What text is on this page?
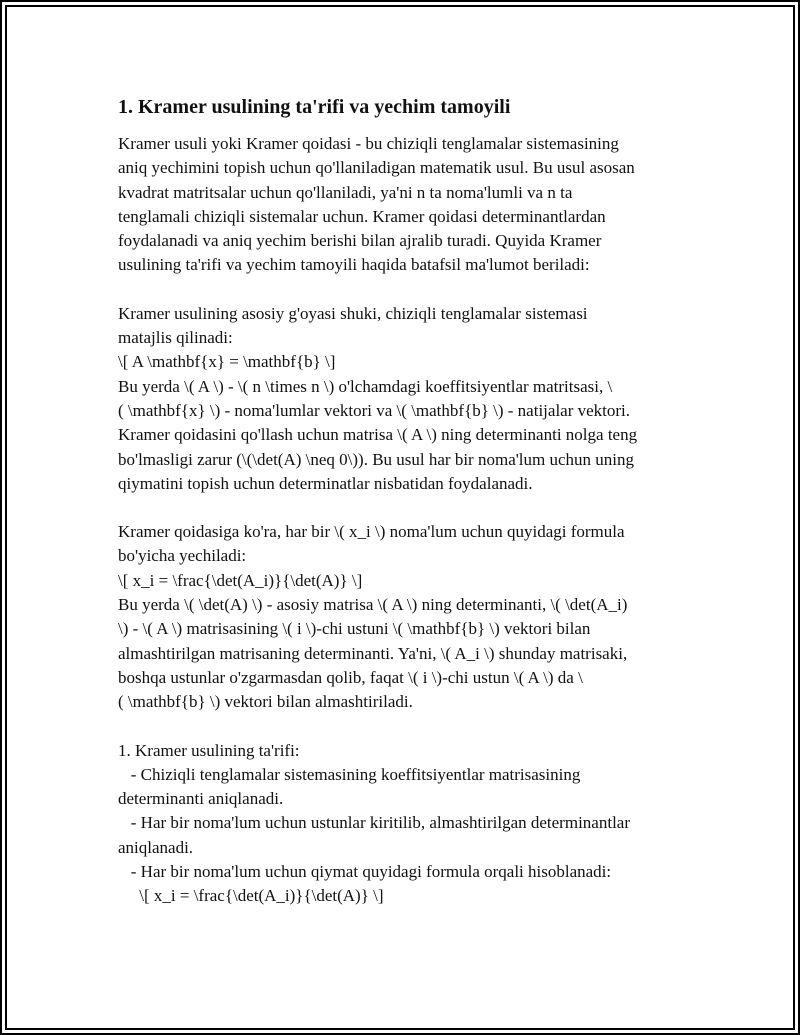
1. Kramer usulining ta'rifi va yechim tamoyili
Kramer usuli yoki Kramer qoidasi - bu chiziqli tenglamalar sistemasining
aniq yechimini topish uchun qo'llaniladigan matematik usul. Bu usul asosan
kvadrat matritsalar uchun qo'llaniladi, ya'ni n ta noma'lumli va n ta
tenglamali chiziqli sistemalar uchun. Kramer qoidasi determinantlardan
foydalanadi va aniq yechim berishi bilan ajralib turadi. Quyida Kramer
usulining ta'rifi va yechim tamoyili haqida batafsil ma'lumot beriladi:
Kramer usulining asosiy g'oyasi shuki, chiziqli tenglamalar sistemasi
matajlis qilinadi:
\[ A \mathbf{x} = \mathbf{b} \]
Bu yerda \( A \) - \( n \times n \) o'lchamdagi koeffitsiyentlar matritsasi, \
( \mathbf{x} \) - noma'lumlar vektori va \( \mathbf{b} \) - natijalar vektori.
Kramer qoidasini qo'llash uchun matrisa \( A \) ning determinanti nolga teng
bo'lmasligi zarur (\(\det(A) \neq 0\)). Bu usul har bir noma'lum uchun uning
qiymatini topish uchun determinatlar nisbatidan foydalanadi.
Kramer qoidasiga ko'ra, har bir \( x_i \) noma'lum uchun quyidagi formula
bo'yicha yechiladi:
\[ x_i = \frac{\det(A_i)}{\det(A)} \]
Bu yerda \( \det(A) \) - asosiy matrisa \( A \) ning determinanti, \( \det(A_i)
\) - \( A \) matrisasining \( i \)-chi ustuni \( \mathbf{b} \) vektori bilan
almashtirilgan matrisaning determinanti. Ya'ni, \( A_i \) shunday matrisaki,
boshqa ustunlar o'zgarmasdan qolib, faqat \( i \)-chi ustun \( A \) da \
( \mathbf{b} \) vektori bilan almashtiriladi.
1. Kramer usulining ta'rifi:
- Chiziqli tenglamalar sistemasining koeffitsiyentlar matrisasining
determinanti aniqlanadi.
- Har bir noma'lum uchun ustunlar kiritilib, almashtirilgan determinantlar
aniqlanadi.
- Har bir noma'lum uchun qiymat quyidagi formula orqali hisoblanadi:
\[ x_i = \frac{\det(A_i)}{\det(A)} \]
